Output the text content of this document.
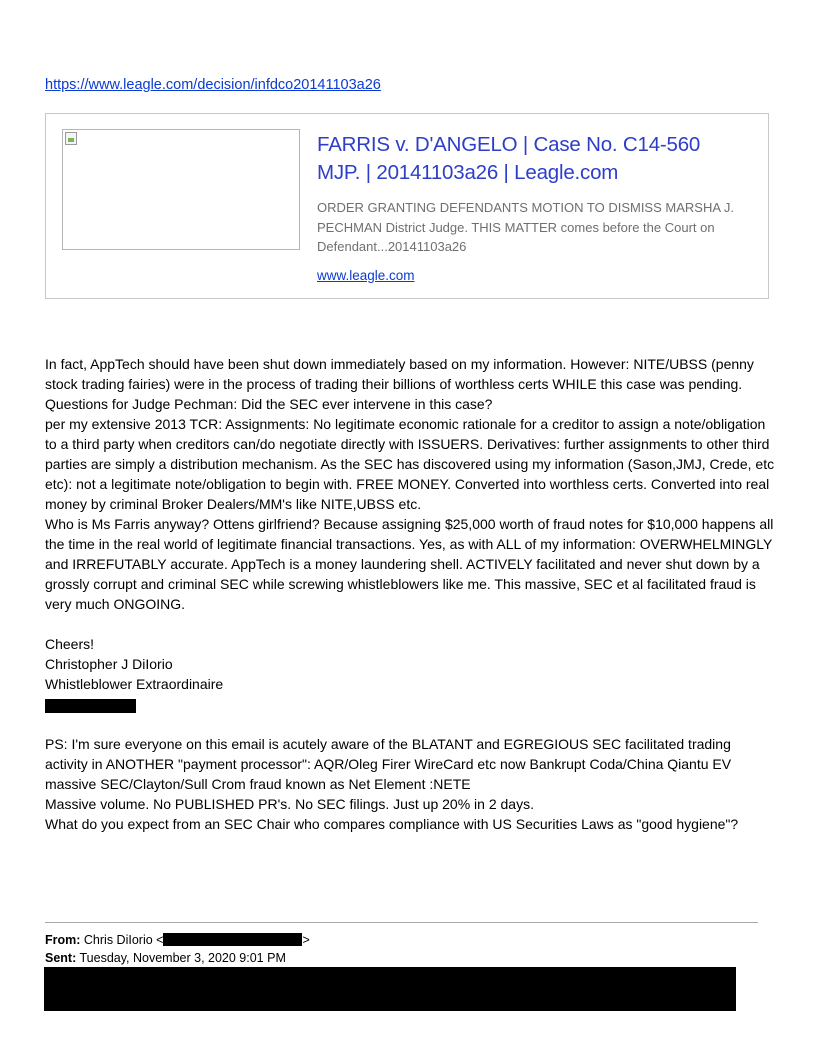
https://www.leagle.com/decision/infdco20141103a26
FARRIS v. D'ANGELO | Case No. C14-560 MJP. | 20141103a26 | Leagle.com
ORDER GRANTING DEFENDANTS MOTION TO DISMISS MARSHA J. PECHMAN District Judge. THIS MATTER comes before the Court on Defendant...20141103a26
www.leagle.com

In fact, AppTech should have been shut down immediately based on my information. However: NITE/UBSS (penny stock trading fairies) were in the process of trading their billions of worthless certs WHILE this case was pending. Questions for Judge Pechman: Did the SEC ever intervene in this case?

per my extensive 2013 TCR: Assignments: No legitimate economic rationale for a creditor to assign a note/obligation to a third party when creditors can/do negotiate directly with ISSUERS. Derivatives: further assignments to other third parties are simply a distribution mechanism. As the SEC has discovered using my information (Sason,JMJ, Crede, etc etc): not a legitimate note/obligation to begin with. FREE MONEY. Converted into worthless certs. Converted into real money by criminal Broker Dealers/MM's like NITE,UBSS etc.

Who is Ms Farris anyway? Ottens girlfriend? Because assigning $25,000 worth of fraud notes for $10,000 happens all the time in the real world of legitimate financial transactions. Yes, as with ALL of my information: OVERWHELMINGLY and IRREFUTABLY accurate. AppTech is a money laundering shell. ACTIVELY facilitated and never shut down by a grossly corrupt and criminal SEC while screwing whistleblowers like me. This massive, SEC et al facilitated fraud is very much ONGOING.

Cheers!

Christopher J DiIorio

Whistleblower Extraordinaire

PS: I'm sure everyone on this email is acutely aware of the BLATANT and EGREGIOUS SEC facilitated trading activity in ANOTHER "payment processor": AQR/Oleg Firer WireCard etc now Bankrupt Coda/China Qiantu EV massive SEC/Clayton/Sull Crom fraud known as Net Element :NETE

Massive volume. No PUBLISHED PR's. No SEC filings. Just up 20% in 2 days.

What do you expect from an SEC Chair who compares compliance with US Securities Laws as "good hygiene"?

From: Chris DiIorio <	>
Sent: Tuesday, November 3, 2020 9:01 PM
